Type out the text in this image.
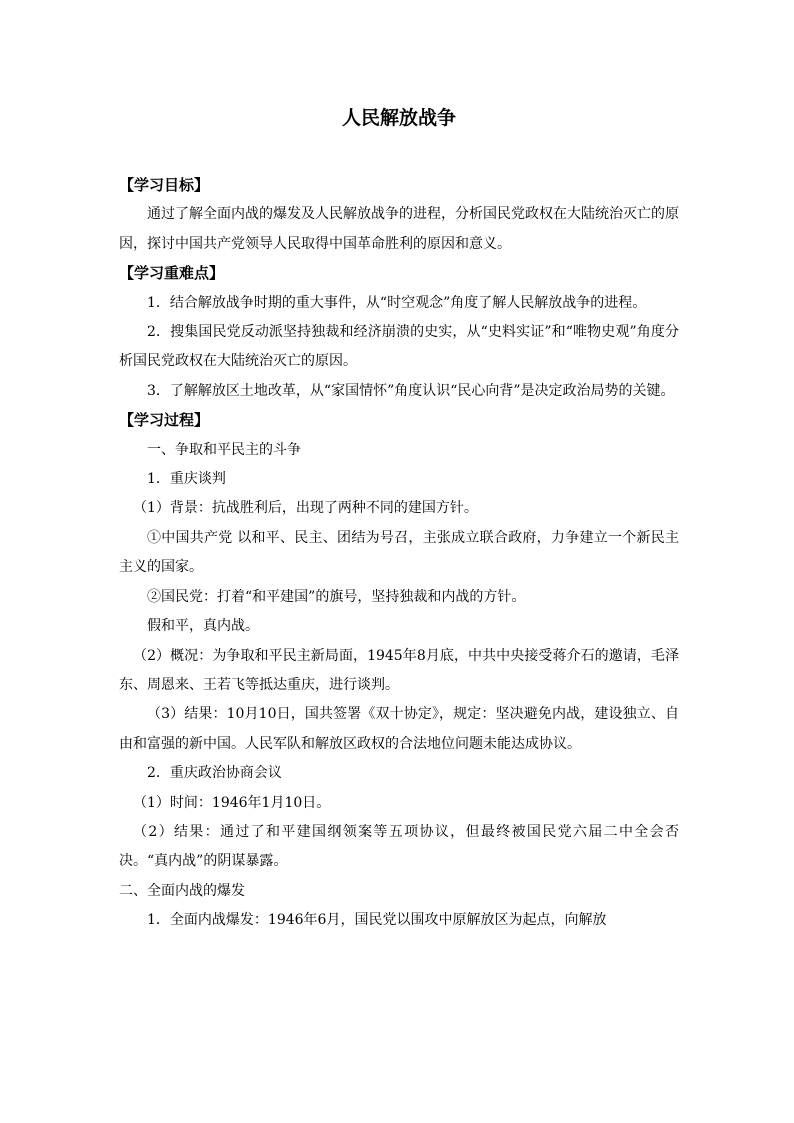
人民解放战争
【学习目标】

通过了解全面内战的爆发及人民解放战争的进程，分析国民党政权在大陆统治灭亡的原因，探讨中国共产党领导人民取得中国革命胜利的原因和意义。

【学习重难点】

1．结合解放战争时期的重大事件，从“时空观念”角度了解人民解放战争的进程。

2．搜集国民党反动派坚持独裁和经济崩溃的史实，从“史料实证”和“唯物史观”角度分析国民党政权在大陆统治灭亡的原因。

3．了解解放区土地改革，从“家国情怀”角度认识“民心向背”是决定政治局势的关键。

【学习过程】

一、争取和平民主的斗争

1．重庆谈判

（1）背景：抗战胜利后，出现了两种不同的建国方针。

①中国共产党 以和平、民主、团结为号召，主张成立联合政府，力争建立一个新民主主义的国家。

②国民党：打着“和平建国”的旗号，坚持独裁和内战的方针。

假和平，真内战。

（2）概况：为争取和平民主新局面，1945年8月底，中共中央接受蒋介石的邀请，毛泽东、周恩来、王若飞等抵达重庆，进行谈判。

（3）结果：10月10日，国共签署《双十协定》，规定：坚决避免内战，建设独立、自由和富强的新中国。人民军队和解放区政权的合法地位问题未能达成协议。

2．重庆政治协商会议

（1）时间：1946年1月10日。

（2）结果：通过了和平建国纲领案等五项协议，但最终被国民党六届二中全会否决。“真内战”的阴谋暴露。

二、全面内战的爆发

1．全面内战爆发：1946年6月，国民党以围攻中原解放区为起点，向解放
